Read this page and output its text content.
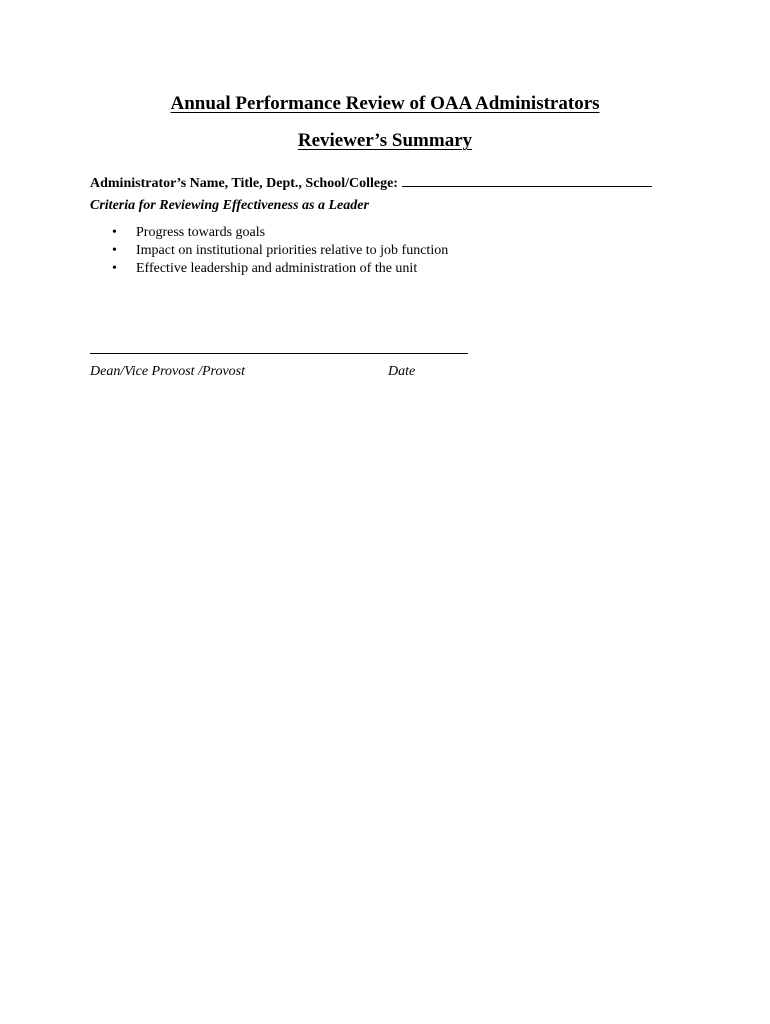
Annual Performance Review of OAA Administrators
Reviewer’s Summary
Administrator’s Name, Title, Dept., School/College:
Criteria for Reviewing Effectiveness as a Leader
• Progress towards goals
• Impact on institutional priorities relative to job function
• Effective leadership and administration of the unit
Dean/Vice Provost /Provost	Date
